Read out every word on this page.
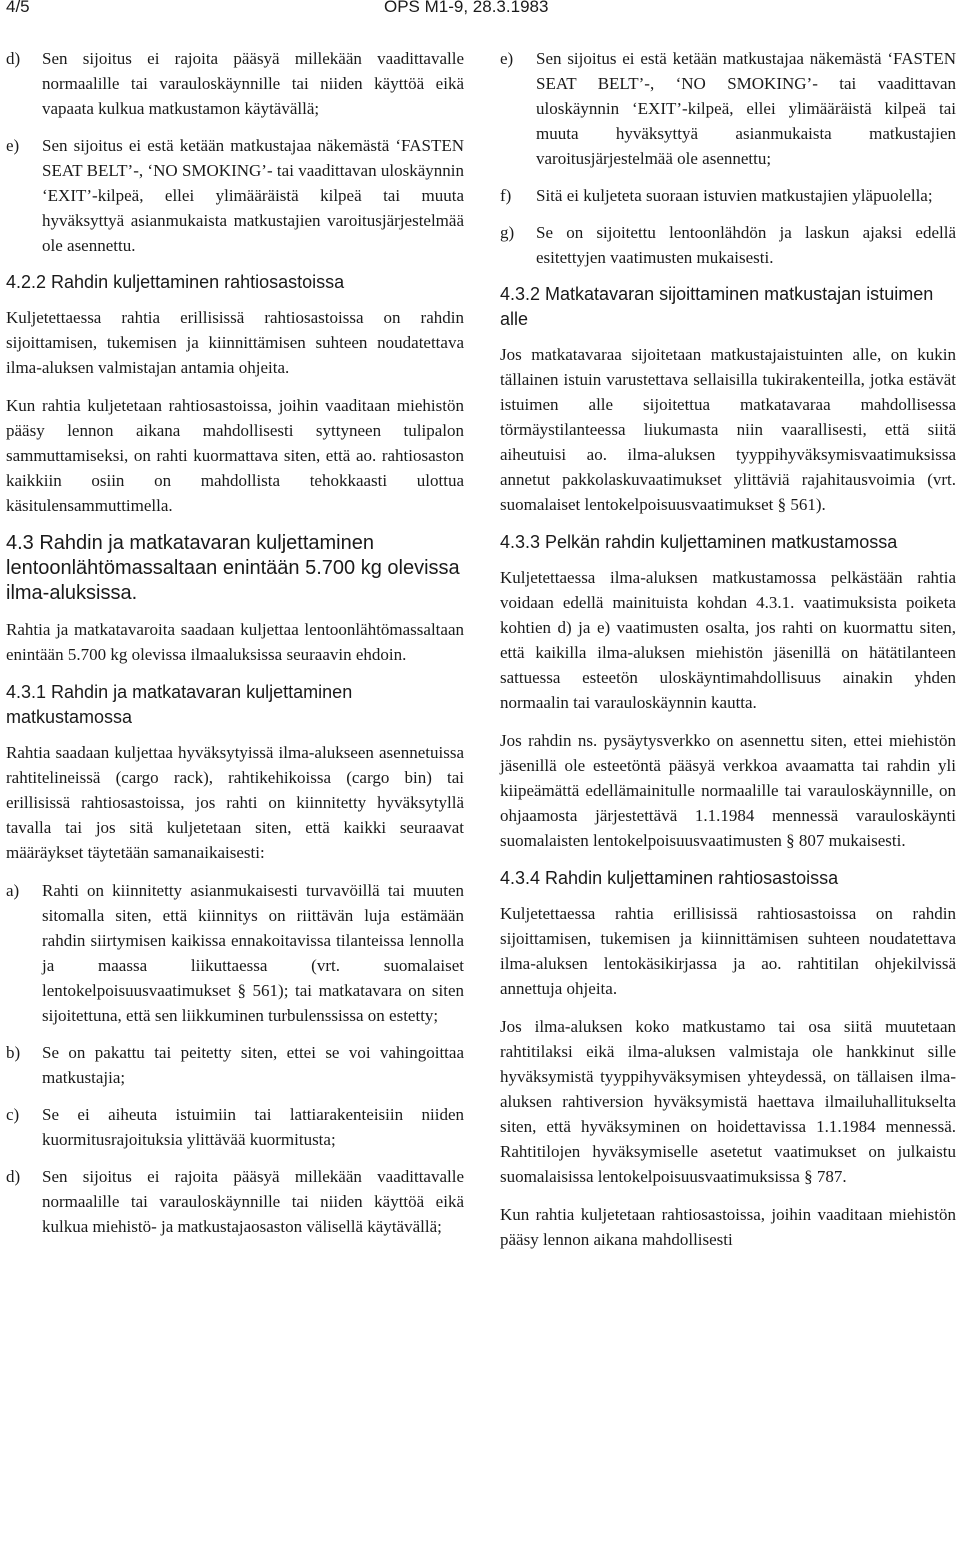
4/5	OPS M1-9, 28.3.1983
d)	Sen sijoitus ei rajoita pääsyä millekään vaadittavalle normaalille tai varauloskäynnille tai niiden käyttöä eikä vapaata kulkua matkustamon käytävällä;
e)	Sen sijoitus ei estä ketään matkustajaa näkemästä ‘FASTEN SEAT BELT’-, ‘NO SMOKING’- tai vaadittavan uloskäynnin ‘EXIT’-kilpeä, ellei ylimääräistä kilpeä tai muuta hyväksyttyä asianmukaista matkustajien varoitusjärjestelmää ole asennettu.
4.2.2 Rahdin kuljettaminen rahtiosastoissa

Kuljetettaessa rahtia erillisissä rahtiosastoissa on rahdin sijoittamisen, tukemisen ja kiinnittämisen suhteen noudatettava ilma-aluksen valmistajan antamia ohjeita.

Kun rahtia kuljetetaan rahtiosastoissa, joihin vaaditaan miehistön pääsy lennon aikana mahdollisesti syttyneen tulipalon sammuttamiseksi, on rahti kuormattava siten, että ao. rahtiosaston kaikkiin osiin on mahdollista tehokkaasti ulottua käsitulensammuttimella.

4.3 Rahdin ja matkatavaran kuljettaminen lentoonlähtömassaltaan enintään 5.700 kg olevissa ilma-aluksissa.

Rahtia ja matkatavaroita saadaan kuljettaa lentoonlähtömassaltaan enintään 5.700 kg olevissa ilmaaluksissa seuraavin ehdoin.

4.3.1 Rahdin ja matkatavaran kuljettaminen matkustamossa

Rahtia saadaan kuljettaa hyväksytyissä ilma-alukseen asennetuissa rahtitelineissä (cargo rack), rahtikehikoissa (cargo bin) tai erillisissä rahtiosastoissa, jos rahti on kiinnitetty hyväksytyllä tavalla tai jos sitä kuljetetaan siten, että kaikki seuraavat määräykset täytetään samanaikaisesti:

a)	Rahti on kiinnitetty asianmukaisesti turvavöillä tai muuten sitomalla siten, että kiinnitys on riittävän luja estämään rahdin siirtymisen kaikissa ennakoitavissa tilanteissa lennolla ja maassa liikuttaessa (vrt. suomalaiset lentokelpoisuusvaatimukset § 561); tai matkatavara on siten sijoitettuna, että sen liikkuminen turbulenssissa on estetty;
b)	Se on pakattu tai peitetty siten, ettei se voi vahingoittaa matkustajia;
c)	Se ei aiheuta istuimiin tai lattiarakenteisiin niiden kuormitusrajoituksia ylittävää kuormitusta;
d)	Sen sijoitus ei rajoita pääsyä millekään vaadittavalle normaalille tai varauloskäynnille tai niiden käyttöä eikä kulkua miehistö- ja matkustajaosaston välisellä käytävällä;
e)	Sen sijoitus ei estä ketään matkustajaa näkemästä ‘FASTEN SEAT BELT’-, ‘NO SMOKING’- tai vaadittavan uloskäynnin ‘EXIT’-kilpeä, ellei ylimääräistä kilpeä tai muuta hyväksyttyä asianmukaista matkustajien varoitusjärjestelmää ole asennettu;
f)	Sitä ei kuljeteta suoraan istuvien matkustajien yläpuolella;
g)	Se on sijoitettu lentoonlähdön ja laskun ajaksi edellä esitettyjen vaatimusten mukaisesti.
4.3.2 Matkatavaran sijoittaminen matkustajan istuimen alle

Jos matkatavaraa sijoitetaan matkustajaistuinten alle, on kukin tällainen istuin varustettava sellaisilla tukirakenteilla, jotka estävät istuimen alle sijoitettua matkatavaraa mahdollisessa törmäystilanteessa liukumasta niin vaarallisesti, että siitä aiheutuisi ao. ilma-aluksen tyyppihyväksymisvaatimuksissa annetut pakkolaskuvaatimukset ylittäviä rajahitausvoimia (vrt. suomalaiset lentokelpoisuusvaatimukset § 561).

4.3.3 Pelkän rahdin kuljettaminen matkustamossa

Kuljetettaessa ilma-aluksen matkustamossa pelkästään rahtia voidaan edellä mainituista kohdan 4.3.1. vaatimuksista poiketa kohtien d) ja e) vaatimusten osalta, jos rahti on kuormattu siten, että kaikilla ilma-aluksen miehistön jäsenillä on hätätilanteen sattuessa esteetön uloskäyntimahdollisuus ainakin yhden normaalin tai varauloskäynnin kautta.

Jos rahdin ns. pysäytysverkko on asennettu siten, ettei miehistön jäsenillä ole esteetöntä pääsyä verkkoa avaamatta tai rahdin yli kiipeämättä edellämainitulle normaalille tai varauloskäynnille, on ohjaamosta järjestettävä 1.1.1984 mennessä varauloskäynti suomalaisten lentokelpoisuusvaatimusten § 807 mukaisesti.

4.3.4 Rahdin kuljettaminen rahtiosastoissa

Kuljetettaessa rahtia erillisissä rahtiosastoissa on rahdin sijoittamisen, tukemisen ja kiinnittämisen suhteen noudatettava ilma-aluksen lentokäsikirjassa ja ao. rahtitilan ohjekilvissä annettuja ohjeita.

Jos ilma-aluksen koko matkustamo tai osa siitä muutetaan rahtitilaksi eikä ilma-aluksen valmistaja ole hankkinut sille hyväksymistä tyyppihyväksymisen yhteydessä, on tällaisen ilma-aluksen rahtiversion hyväksymistä haettava ilmailuhallitukselta siten, että hyväksyminen on hoidettavissa 1.1.1984 mennessä. Rahtitilojen hyväksymiselle asetetut vaatimukset on julkaistu suomalaisissa lentokelpoisuusvaatimuksissa § 787.

Kun rahtia kuljetetaan rahtiosastoissa, joihin vaaditaan miehistön pääsy lennon aikana mahdollisesti
